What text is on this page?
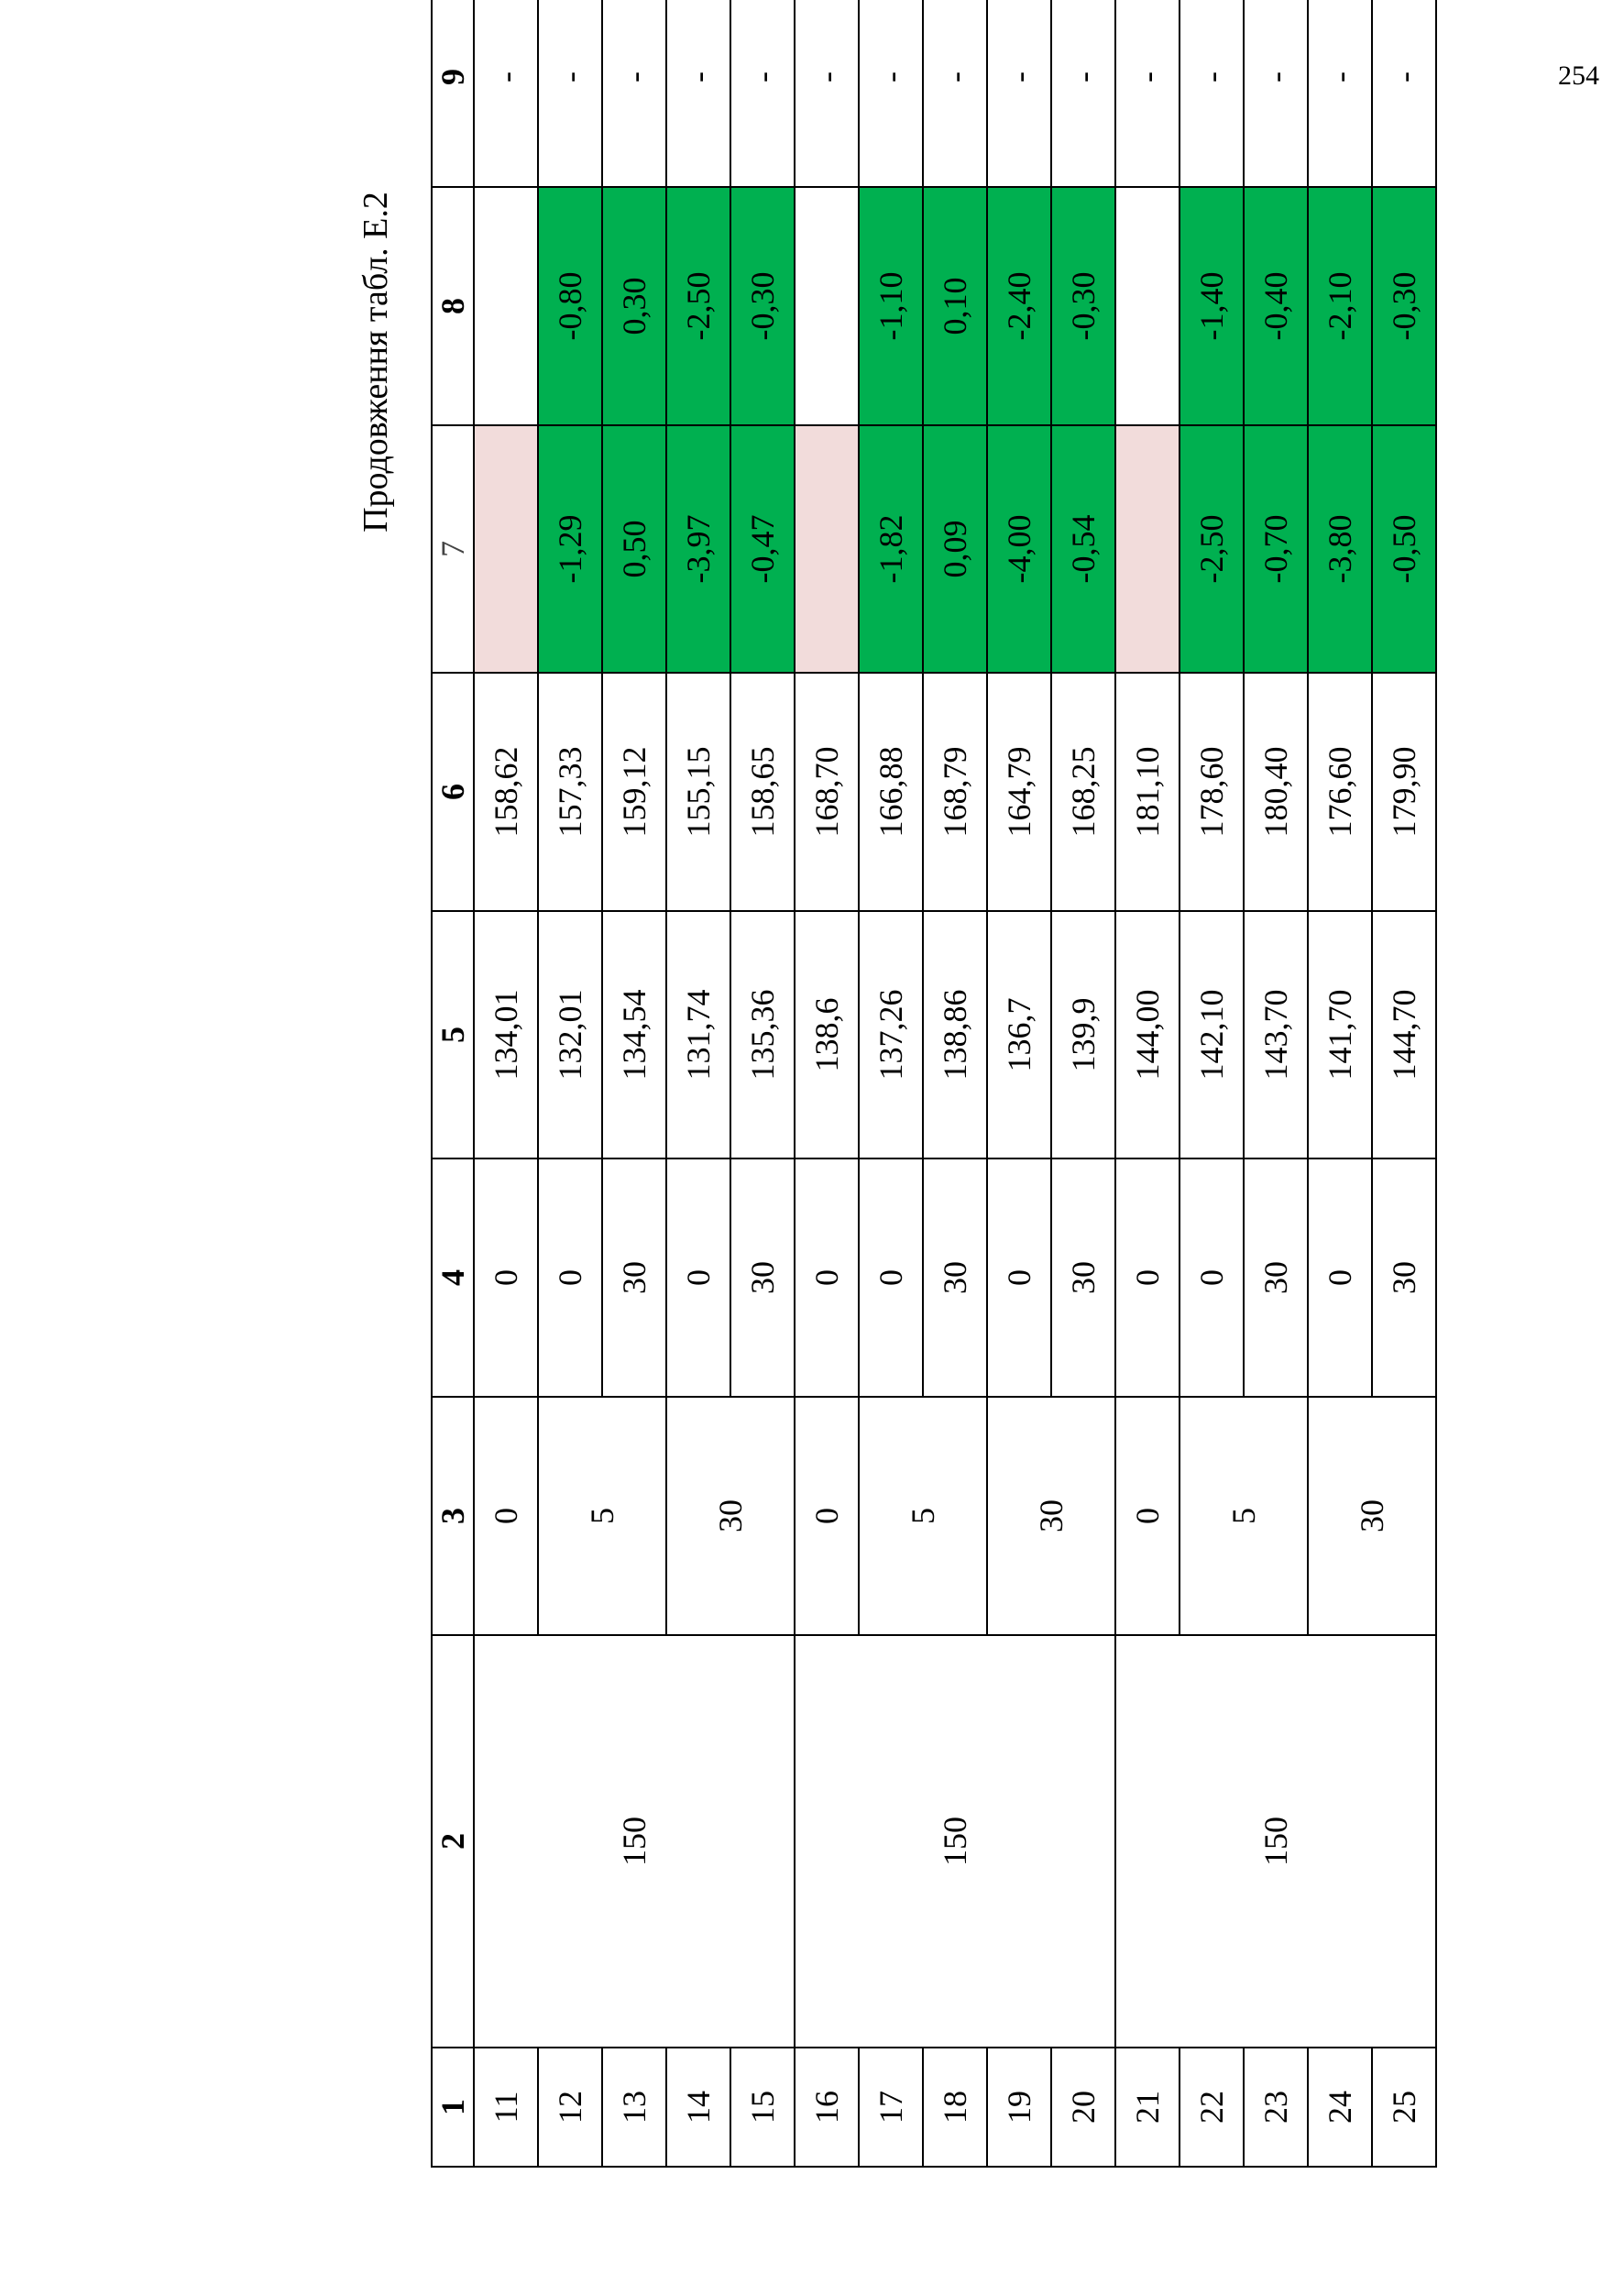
254
Продовження табл. Е.2
1	2	3	4	5	6	7	8	9
11	150	0	0	134,01	158,62			-
12		5	0	132,01	157,33	-1,29	-0,80	-
13			30	134,54	159,12	0,50	0,30	-
14		30	0	131,74	155,15	-3,97	-2,50	-
15			30	135,36	158,65	-0,47	-0,30	-
16	150	0	0	138,6	168,70			-
17		5	0	137,26	166,88	-1,82	-1,10	-
18			30	138,86	168,79	0,09	0,10	-
19		30	0	136,7	164,79	-4,00	-2,40	-
20			30	139,9	168,25	-0,54	-0,30	-
21	150	0	0	144,00	181,10			-
22		5	0	142,10	178,60	-2,50	-1,40	-
23			30	143,70	180,40	-0,70	-0,40	-
24		30	0	141,70	176,60	-3,80	-2,10	-
25			30	144,70	179,90	-0,50	-0,30	-
